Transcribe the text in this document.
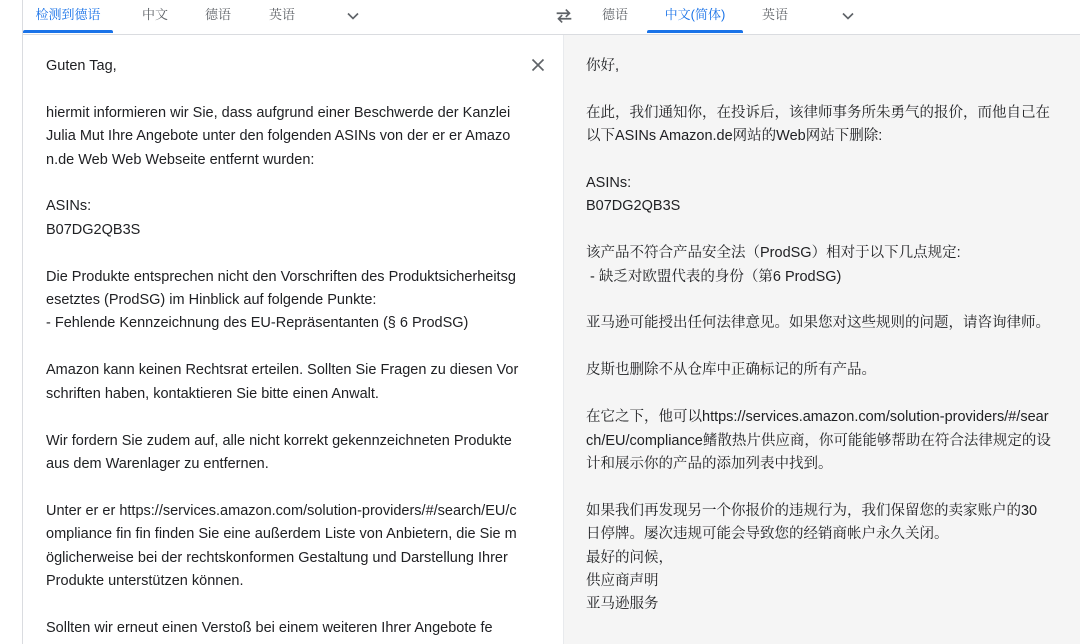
检测到德语	中文	德语	英语	德语	中文(简体)	英语
Guten Tag,

hiermit informieren wir Sie, dass aufgrund einer Beschwerde der Kanzlei Julia Mut Ihre Angebote unter den folgenden ASINs von der er er Amazon.de Web Web Webseite entfernt wurden:

ASINs:
B07DG2QB3S

Die Produkte entsprechen nicht den Vorschriften des Produktsicherheitsgesetztes (ProdSG) im Hinblick auf folgende Punkte:
- Fehlende Kennzeichnung des EU-Repräsentanten (§ 6 ProdSG)

Amazon kann keinen Rechtsrat erteilen. Sollten Sie Fragen zu diesen Vorschriften haben, kontaktieren Sie bitte einen Anwalt.

Wir fordern Sie zudem auf, alle nicht korrekt gekennzeichneten Produkte aus dem Warenlager zu entfernen.

Unter er er https://services.amazon.com/solution-providers/#/search/EU/compliance fin fin finden Sie eine außerdem Liste von Anbietern, die Sie möglicherweise bei der rechtskonformen Gestaltung und Darstellung Ihrer Produkte unterstützen können.

Sollten wir erneut einen Verstoß bei einem weiteren Ihrer Angebote fe
你好,

在此，我们通知你，在投诉后，该律师事务所朱勇气的报价，而他自己在以下ASINs Amazon.de网站的Web网站下删除:

ASINs:
B07DG2QB3S

该产品不符合产品安全法（ProdSG）相对于以下几点规定:
- 缺乏对欧盟代表的身份（第6 ProdSG)

亚马逊可能授出任何法律意见。如果您对这些规则的问题，请咨询律师。

皮斯也删除不从仓库中正确标记的所有产品。

在它之下，他可以https://services.amazon.com/solution-providers/#/search/EU/compliance鳍散热片供应商，你可能能够帮助在符合法律规定的设计和展示你的产品的添加列表中找到。

如果我们再发现另一个你报价的违规行为，我们保留您的卖家账户的30日停牌。屡次违规可能会导致您的经销商帐户永久关闭。
最好的问候，
供应商声明
亚马逊服务
